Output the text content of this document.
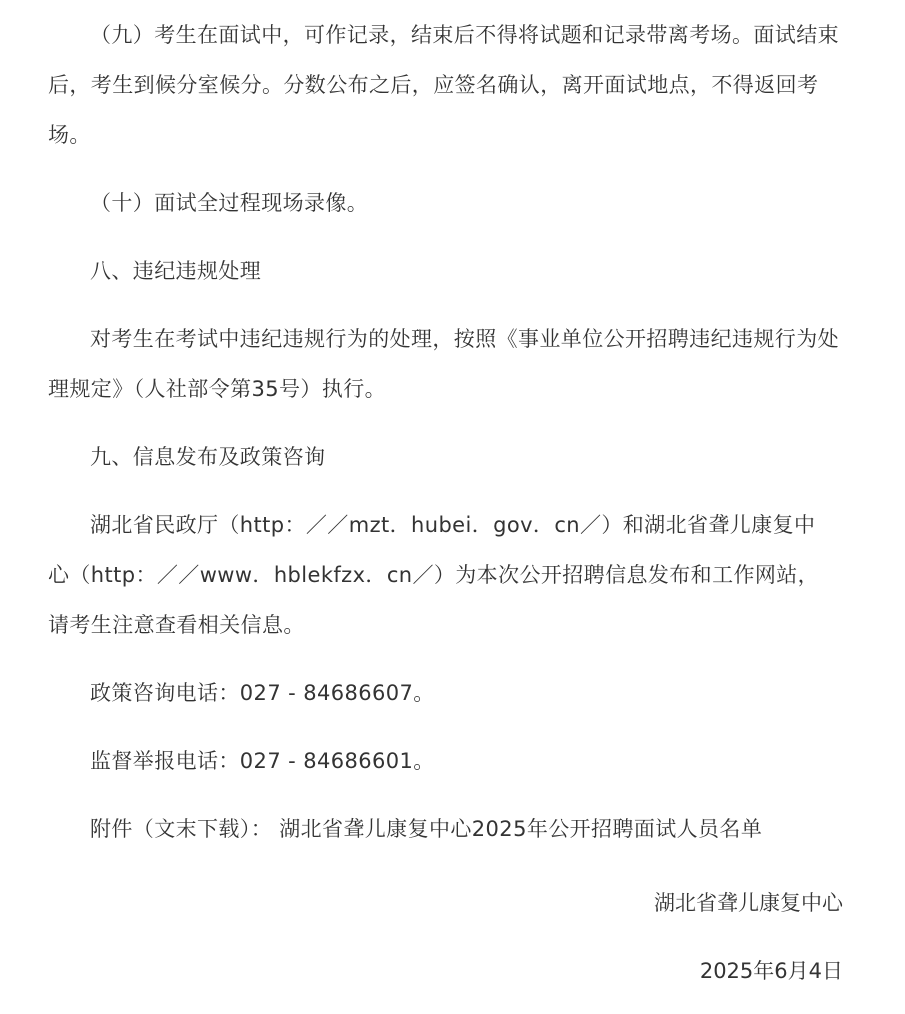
（九）考生在面试中，可作记录，结束后不得将试题和记录带离考场。面试结束后，考生到候分室候分。分数公布之后，应签名确认，离开面试地点，不得返回考场。

（十）面试全过程现场录像。

八、违纪违规处理

对考生在考试中违纪违规行为的处理，按照《事业单位公开招聘违纪违规行为处理规定》（人社部令第35号）执行。

九、信息发布及政策咨询

湖北省民政厅（http：／／mzt．hubei．gov．cn／）和湖北省聋儿康复中心（http：／／www．hblekfzx．cn／）为本次公开招聘信息发布和工作网站，请考生注意查看相关信息。

政策咨询电话：027 - 84686607。

监督举报电话：027 - 84686601。

附件（文末下载）： 湖北省聋儿康复中心2025年公开招聘面试人员名单

湖北省聋儿康复中心

2025年6月4日
